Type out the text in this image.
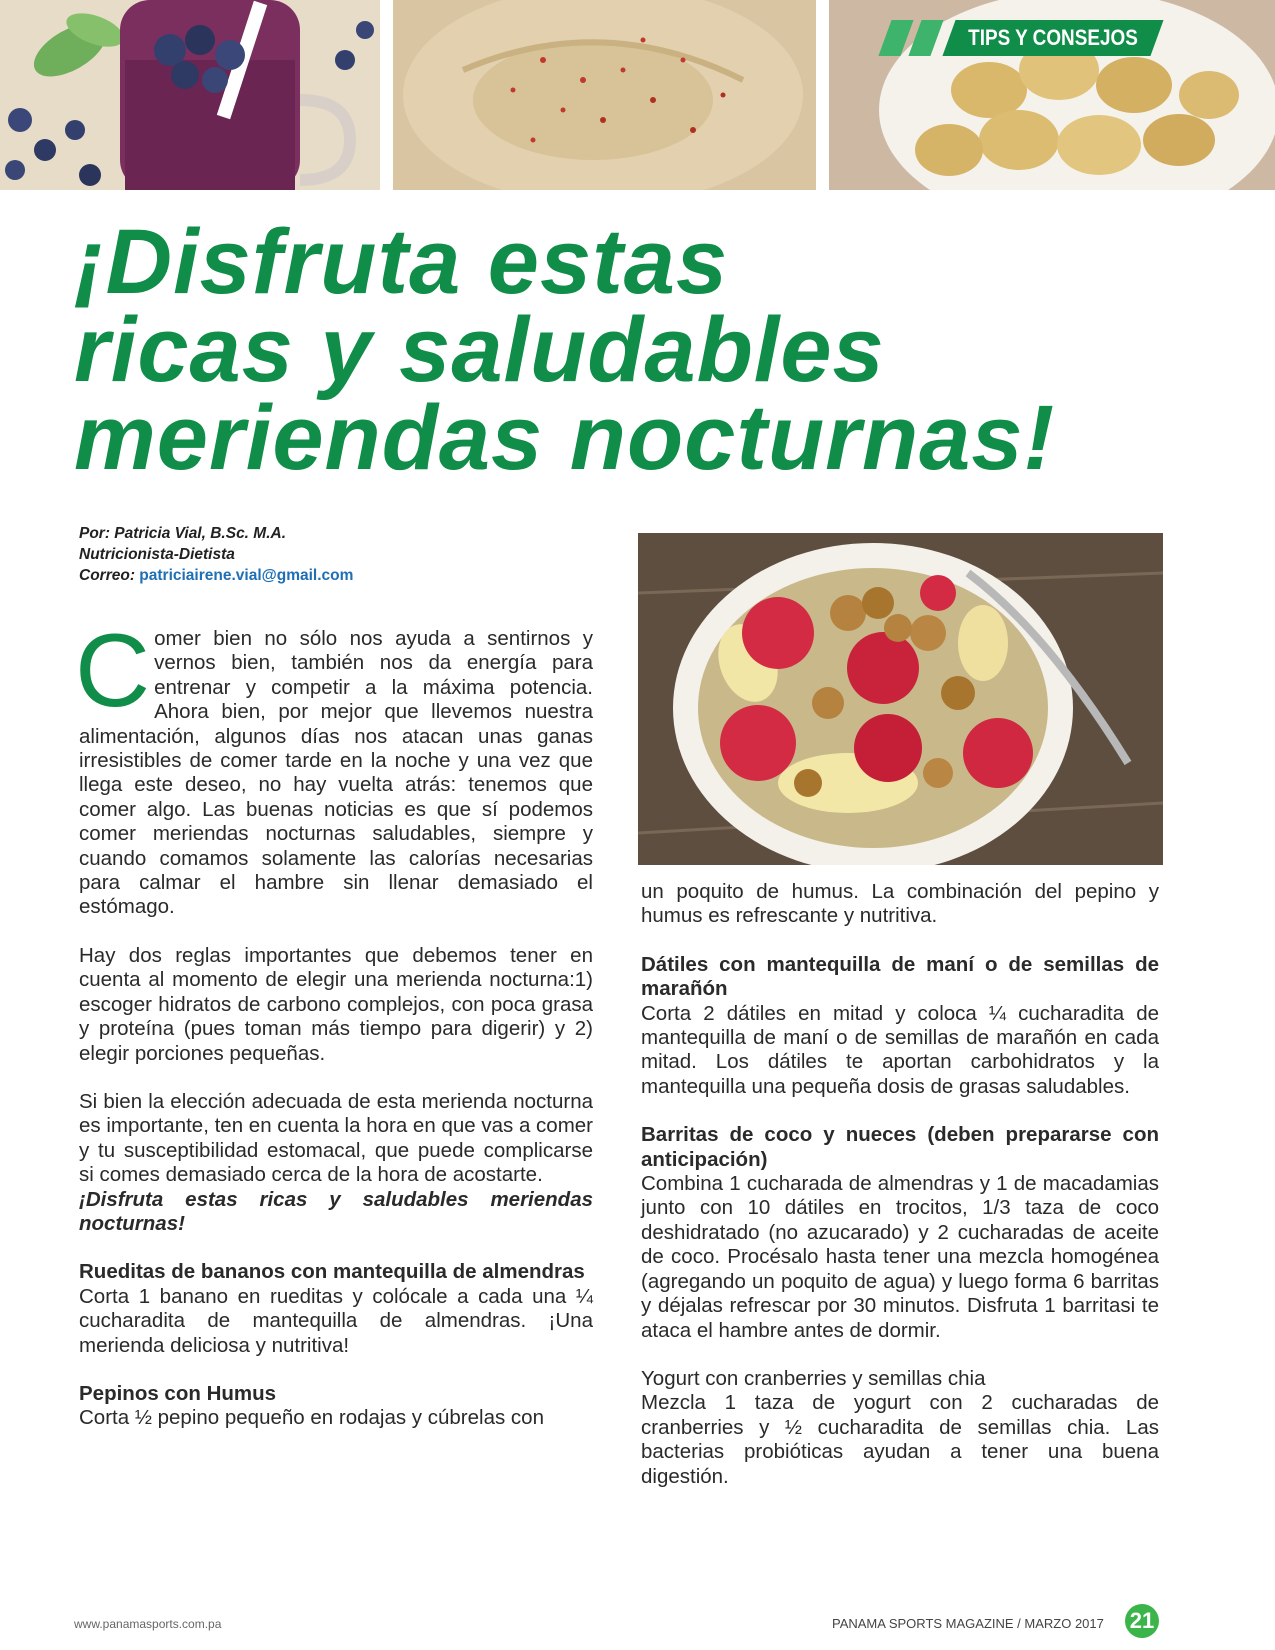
TIPS Y CONSEJOS
¡Disfruta estas
ricas y saludables
meriendas nocturnas!
Por: Patricia Vial, B.Sc. M.A.
Nutricionista-Dietista
Correo: patriciairene.vial@gmail.com

Comer bien no sólo nos ayuda a sentirnos y vernos bien, también nos da energía para entrenar y competir a la máxima potencia. Ahora bien, por mejor que llevemos nuestra alimentación, algunos días nos atacan unas ganas irresistibles de comer tarde en la noche y una vez que llega este deseo, no hay vuelta atrás: tenemos que comer algo. Las buenas noticias es que sí podemos comer meriendas nocturnas saludables, siempre y cuando comamos solamente las calorías necesarias para calmar el hambre sin llenar demasiado el estómago.

Hay dos reglas importantes que debemos tener en cuenta al momento de elegir una merienda nocturna:1) escoger hidratos de carbono complejos, con poca grasa y proteína (pues toman más tiempo para digerir) y 2) elegir porciones pequeñas.

Si bien la elección adecuada de esta merienda nocturna es importante, ten en cuenta la hora en que vas a comer y tu susceptibilidad estomacal, que puede complicarse si comes demasiado cerca de la hora de acostarte.
¡Disfruta estas ricas y saludables meriendas nocturnas!

Rueditas de bananos con mantequilla de almendras
Corta 1 banano en rueditas y colócale a cada una ¼ cucharadita de mantequilla de almendras. ¡Una merienda deliciosa y nutritiva!

Pepinos con Humus
Corta ½ pepino pequeño en rodajas y cúbrelas con

un poquito de humus. La combinación del pepino y humus es refrescante y nutritiva.

Dátiles con mantequilla de maní o de semillas de marañón
Corta 2 dátiles en mitad y coloca ¼ cucharadita de mantequilla de maní o de semillas de marañón en cada mitad. Los dátiles te aportan carbohidratos y la mantequilla una pequeña dosis de grasas saludables.

Barritas de coco y nueces (deben prepararse con anticipación)
Combina 1 cucharada de almendras y 1 de macadamias junto con 10 dátiles en trocitos, 1/3 taza de coco deshidratado (no azucarado) y 2 cucharadas de aceite de coco. Procésalo hasta tener una mezcla homogénea (agregando un poquito de agua) y luego forma 6 barritas y déjalas refrescar por 30 minutos. Disfruta 1 barritasi te ataca el hambre antes de dormir.

Yogurt con cranberries y semillas chia
Mezcla 1 taza de yogurt con 2 cucharadas de cranberries y ½ cucharadita de semillas chia. Las bacterias probióticas ayudan a tener una buena digestión.

www.panamasports.com.pa	PANAMA SPORTS MAGAZINE / MARZO 2017 21
